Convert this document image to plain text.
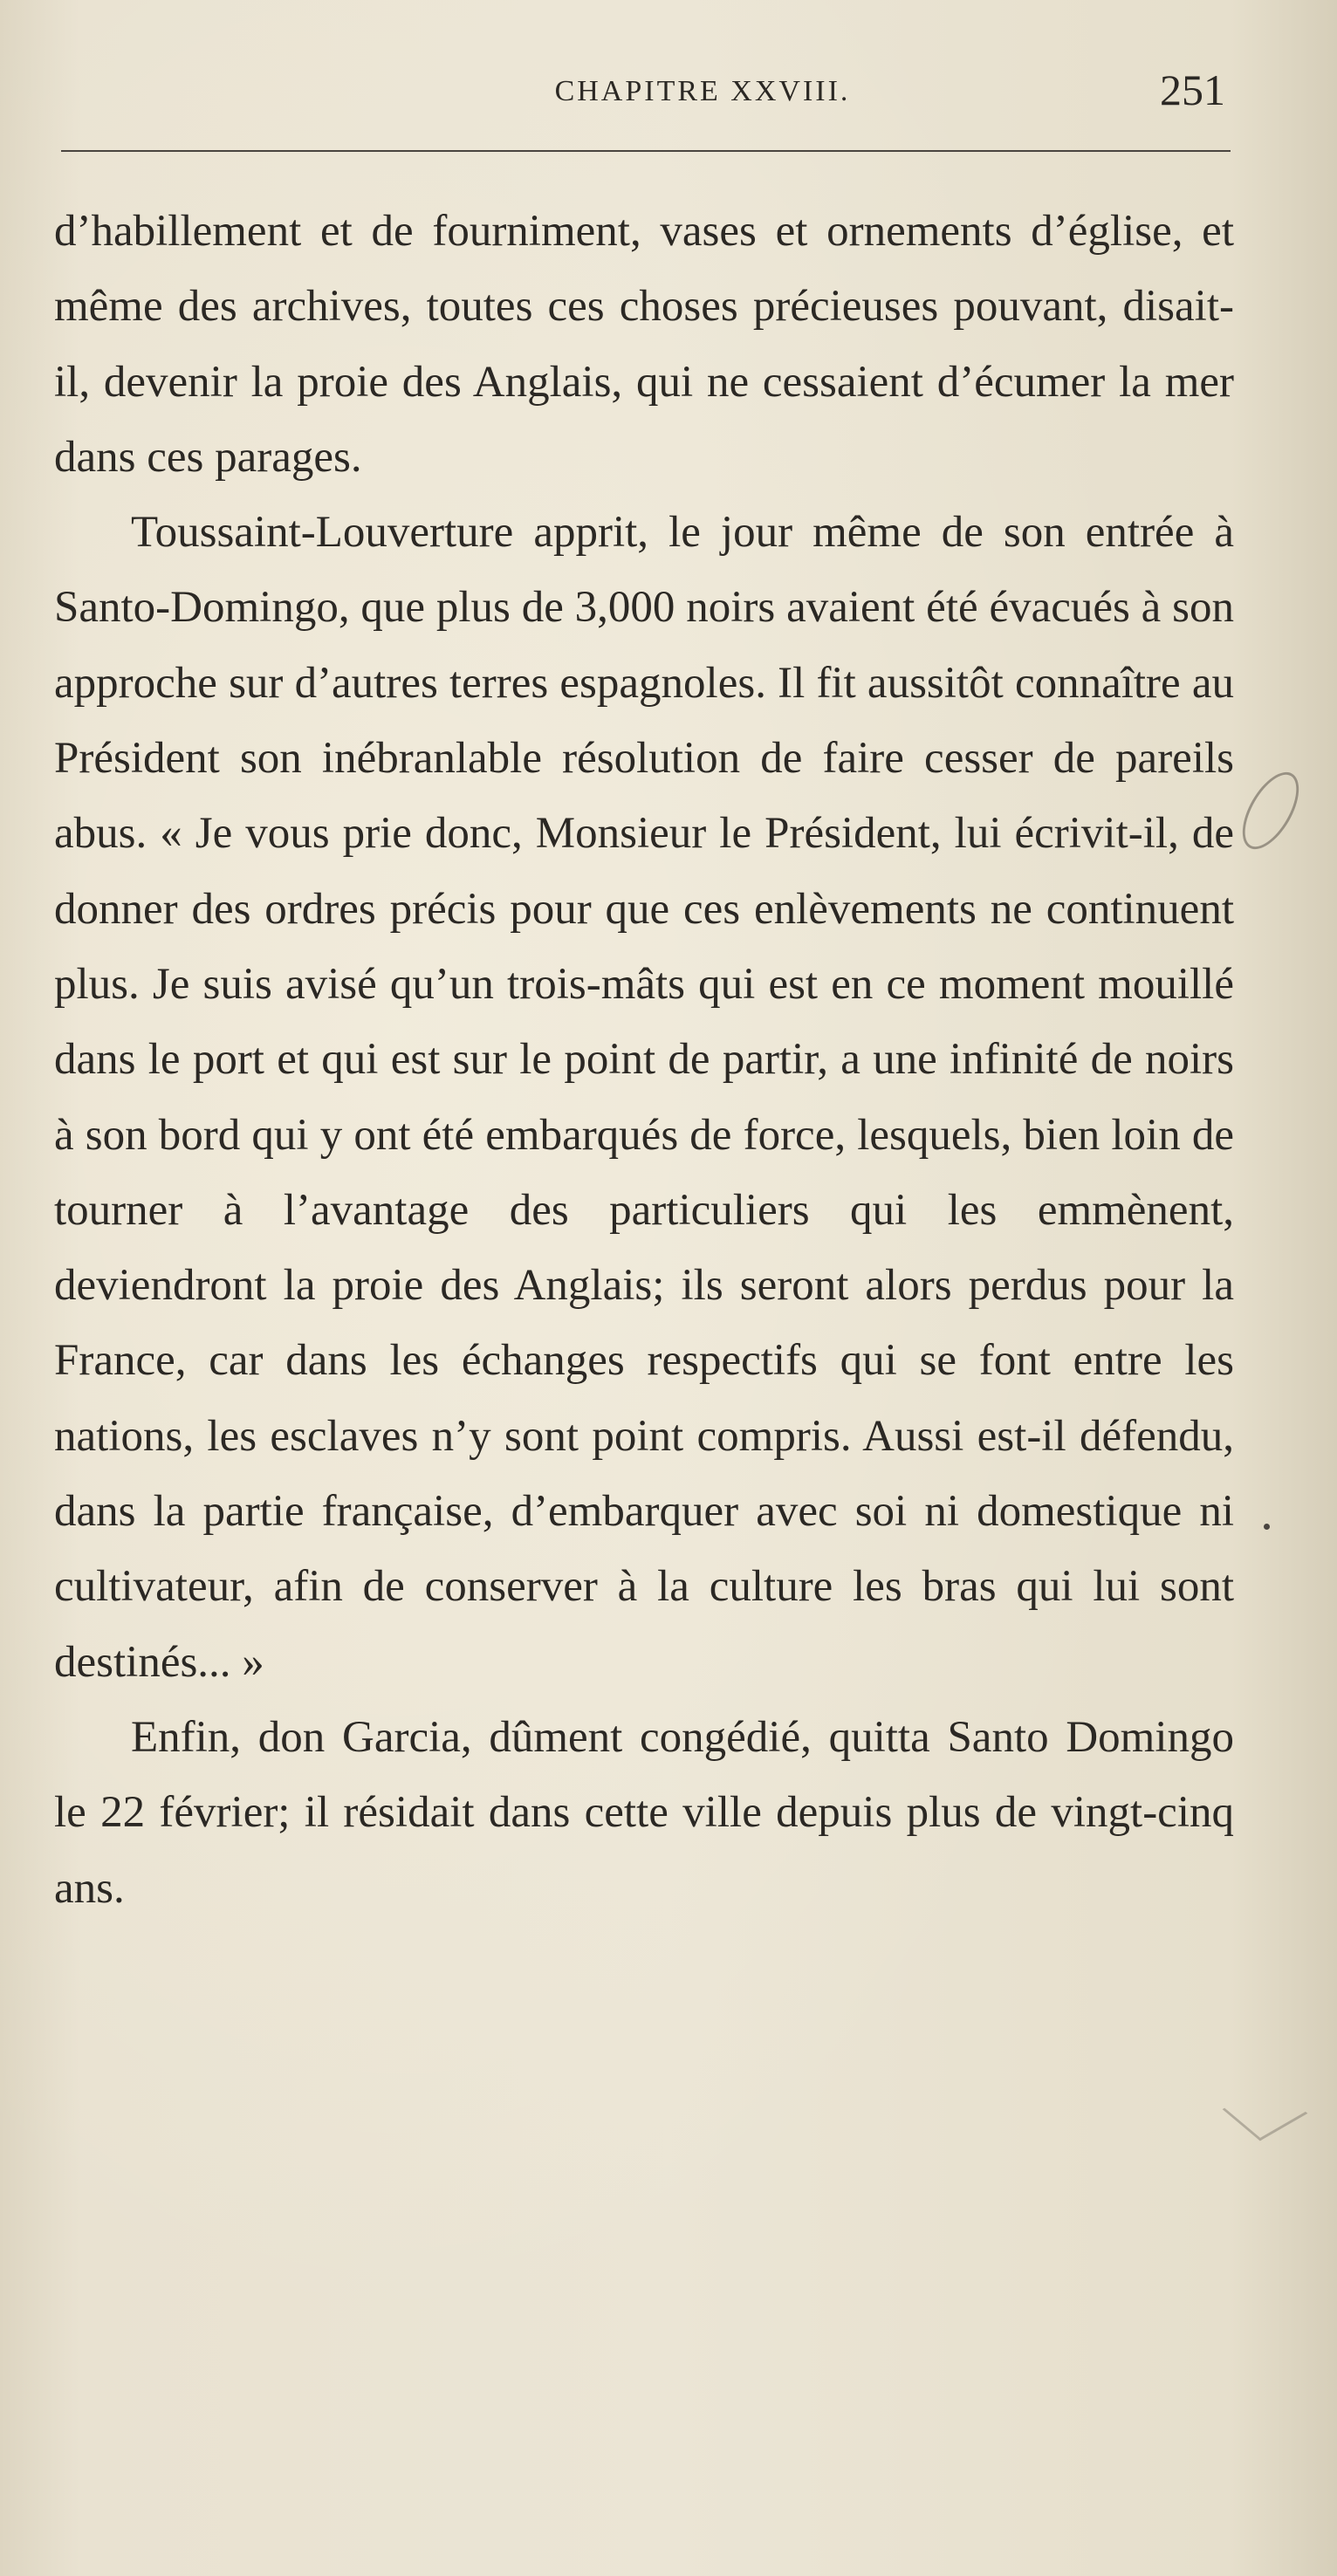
CHAPITRE XXVIII.	251

d’habillement et de fourniment, vases et ornements d’église, et même des archives, toutes ces choses précieuses pouvant, disait-il, devenir la proie des Anglais, qui ne cessaient d’écumer la mer dans ces parages.

Toussaint-Louverture apprit, le jour même de son entrée à Santo-Domingo, que plus de 3,000 noirs avaient été évacués à son approche sur d’autres terres espagnoles. Il fit aussitôt connaître au Président son inébranlable résolution de faire cesser de pareils abus. « Je vous prie donc, Monsieur le Président, lui écrivit-il, de donner des ordres précis pour que ces enlèvements ne continuent plus. Je suis avisé qu’un trois-mâts qui est en ce moment mouillé dans le port et qui est sur le point de partir, a une infinité de noirs à son bord qui y ont été embarqués de force, lesquels, bien loin de tourner à l’avantage des particuliers qui les emmènent, deviendront la proie des Anglais; ils seront alors perdus pour la France, car dans les échanges respectifs qui se font entre les nations, les esclaves n’y sont point compris. Aussi est-il défendu, dans la partie française, d’embarquer avec soi ni domestique ni cultivateur, afin de conserver à la culture les bras qui lui sont destinés... »

Enfin, don Garcia, dûment congédié, quitta Santo Domingo le 22 février; il résidait dans cette ville depuis plus de vingt-cinq ans.
